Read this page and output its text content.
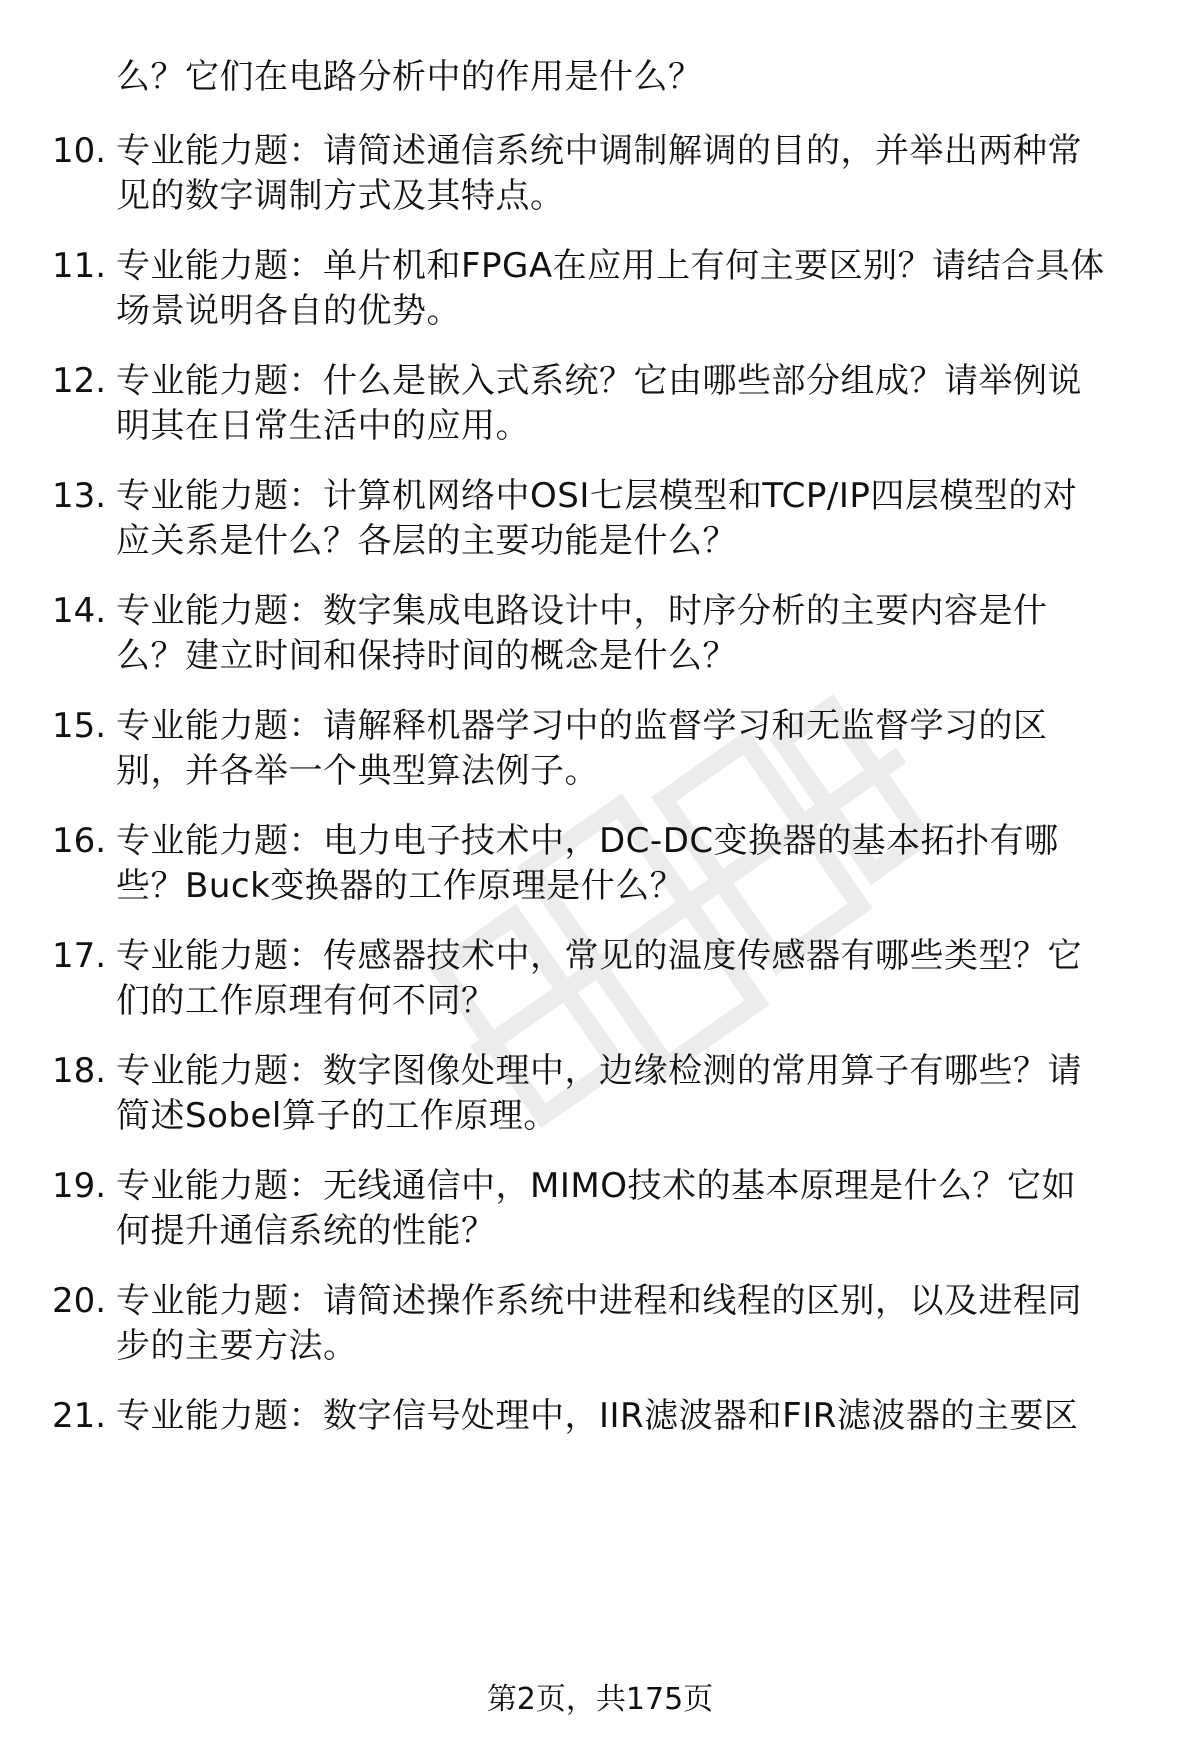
么？它们在电路分析中的作用是什么？
10. 专业能力题：请简述通信系统中调制解调的目的，并举出两种常
见的数字调制方式及其特点。
11. 专业能力题：单片机和FPGA在应用上有何主要区别？请结合具体
场景说明各自的优势。
12. 专业能力题：什么是嵌入式系统？它由哪些部分组成？请举例说
明其在日常生活中的应用。
13. 专业能力题：计算机网络中OSI七层模型和TCP/IP四层模型的对
应关系是什么？各层的主要功能是什么？
14. 专业能力题：数字集成电路设计中，时序分析的主要内容是什
么？建立时间和保持时间的概念是什么？
15. 专业能力题：请解释机器学习中的监督学习和无监督学习的区
别，并各举一个典型算法例子。
16. 专业能力题：电力电子技术中，DC-DC变换器的基本拓扑有哪
些？Buck变换器的工作原理是什么？
17. 专业能力题：传感器技术中，常见的温度传感器有哪些类型？它
们的工作原理有何不同？
18. 专业能力题：数字图像处理中，边缘检测的常用算子有哪些？请
简述Sobel算子的工作原理。
19. 专业能力题：无线通信中，MIMO技术的基本原理是什么？它如
何提升通信系统的性能？
20. 专业能力题：请简述操作系统中进程和线程的区别，以及进程同
步的主要方法。
21. 专业能力题：数字信号处理中，IIR滤波器和FIR滤波器的主要区
第2页，共175页
